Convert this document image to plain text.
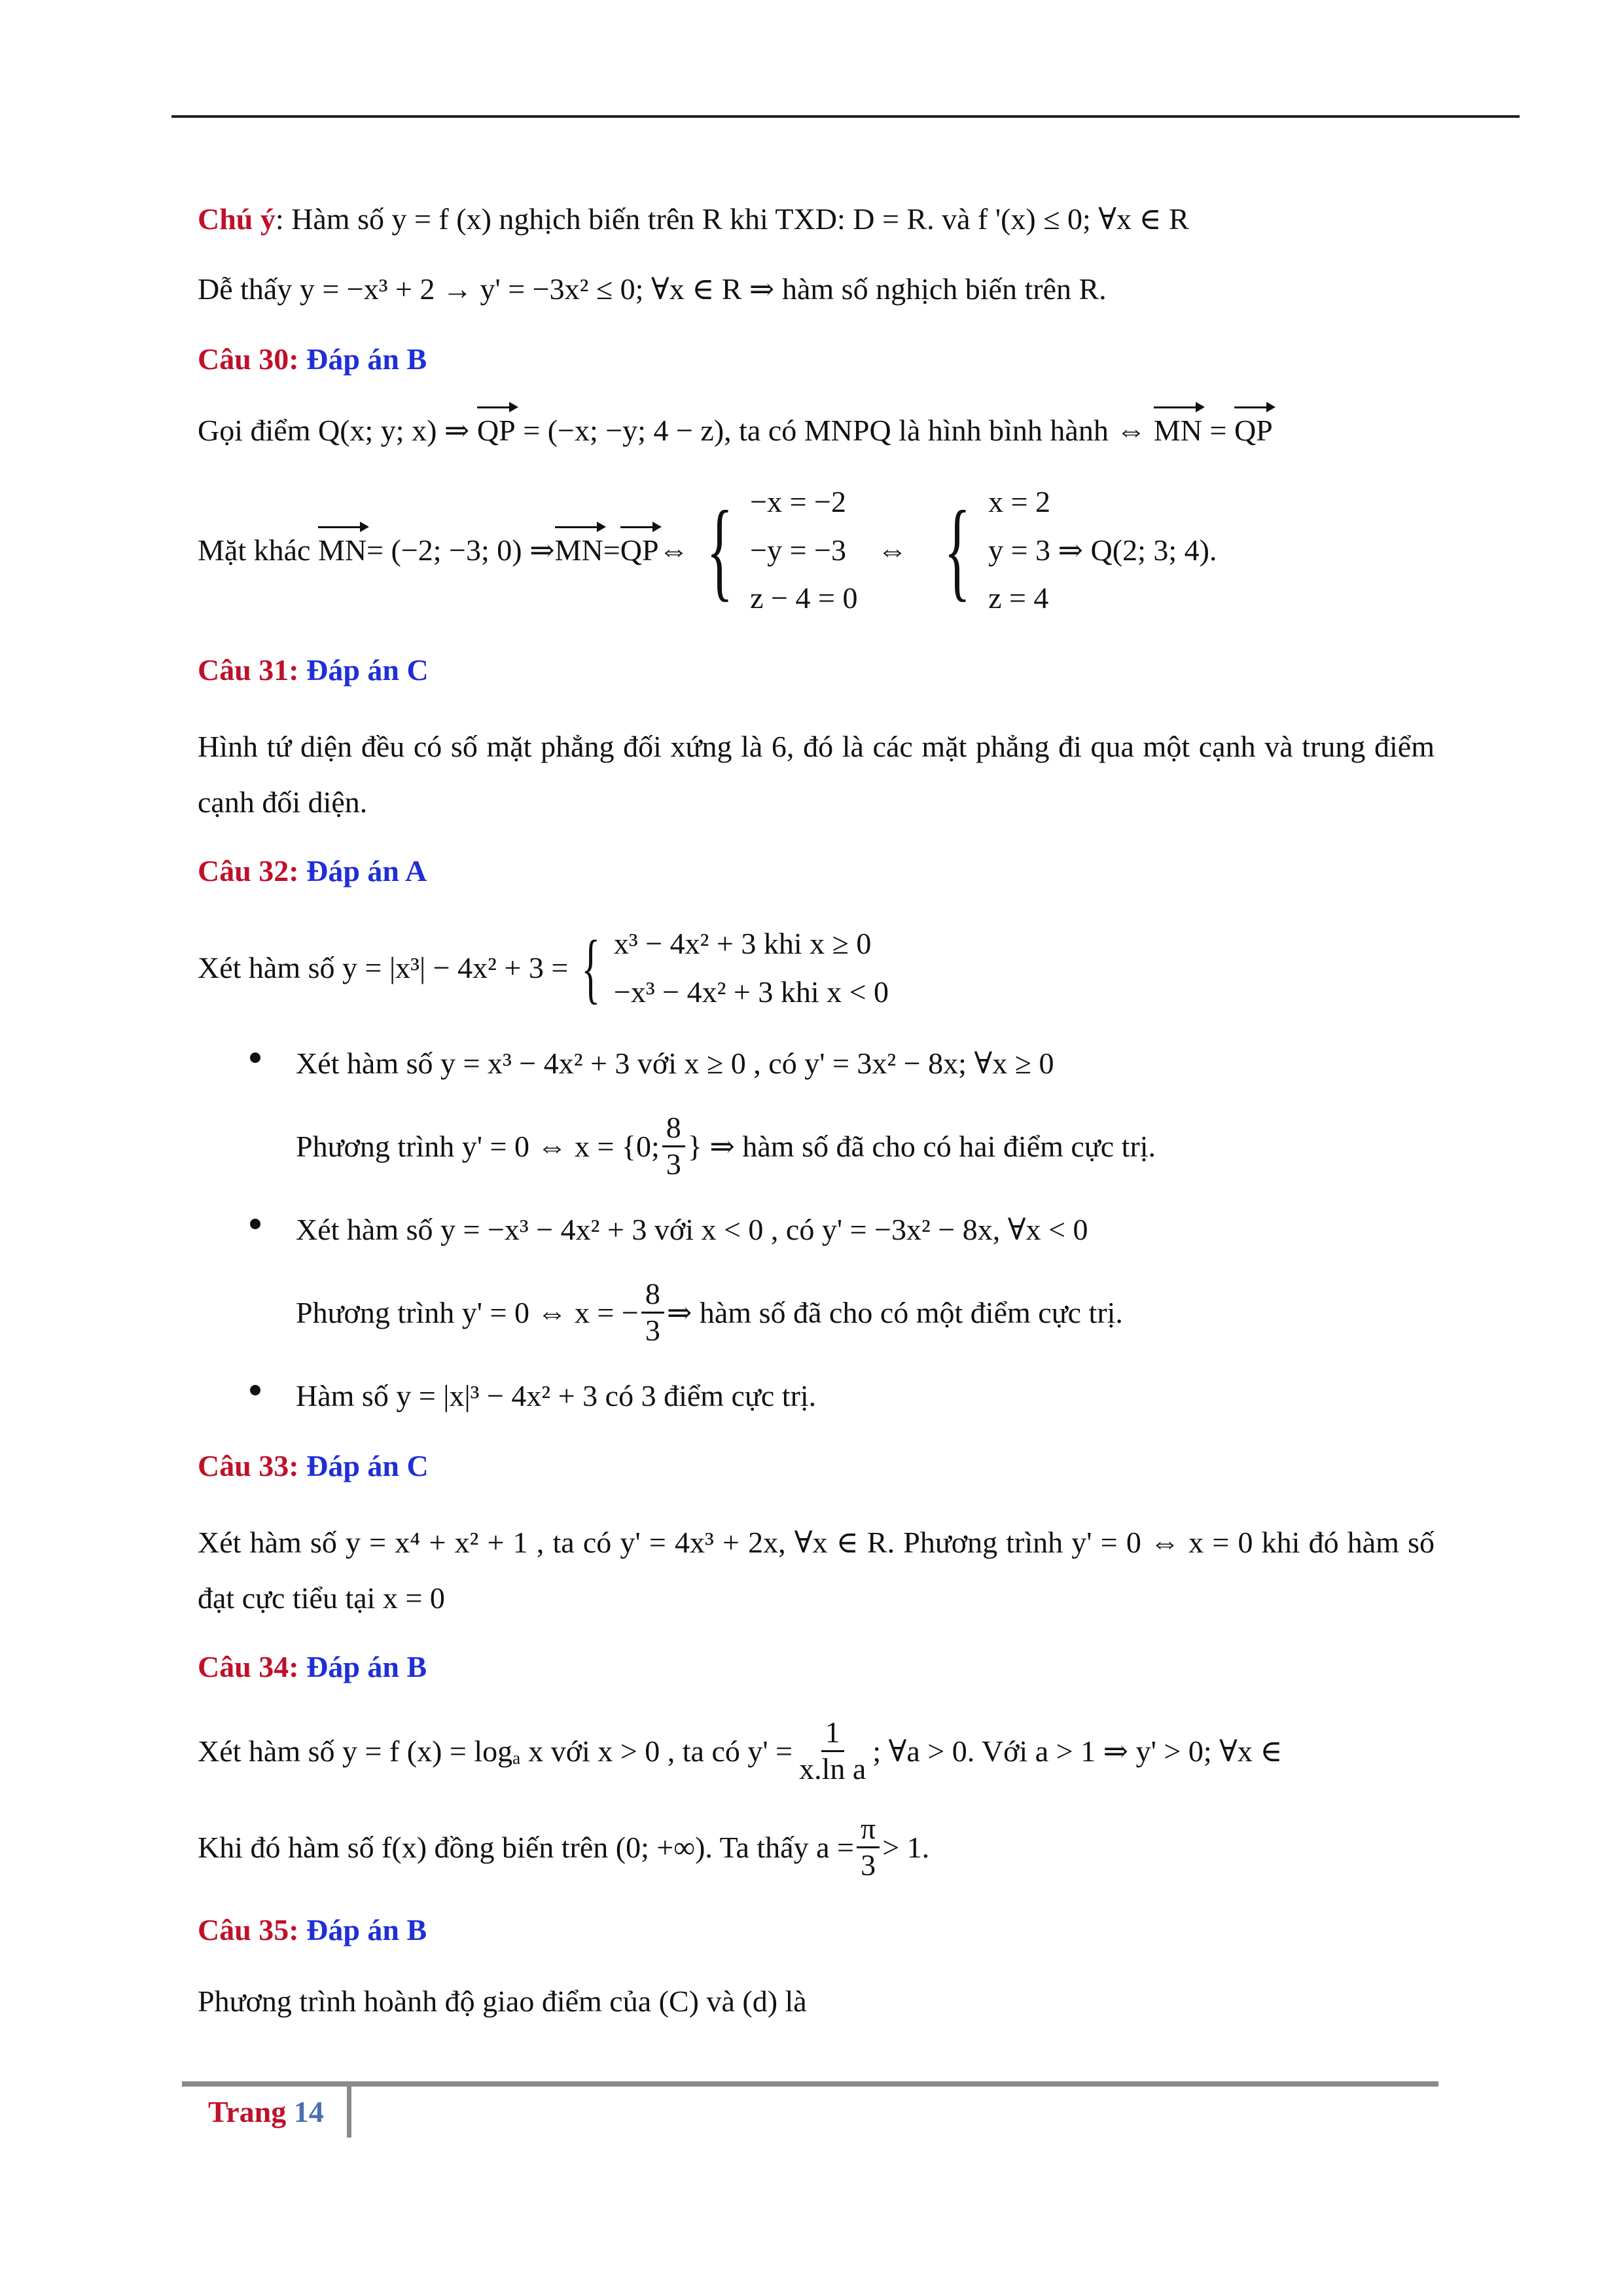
Chú ý: Hàm số y = f (x) nghịch biến trên R khi TXD: D = R. và f '(x) ≤ 0; ∀x ∈ R
Dễ thấy y = −x³ + 2 → y' = −3x² ≤ 0; ∀x ∈ R ⇒ hàm số nghịch biến trên R.
Câu 30: Đáp án B
Gọi điểm Q(x; y; x) ⇒ QP = (−x; −y; 4 − z), ta có MNPQ là hình bình hành ⇔ MN = QP
Mặt khác
MN = (−2; −3; 0) ⇒ MN = QP ⇔ { −x = −2
−y = −3
z − 4 = 0
⇔ { x = 2
y = 3 ⇒ Q(2; 3; 4).
z = 4
Câu 31: Đáp án C
Hình tứ diện đều có số mặt phẳng đối xứng là 6, đó là các mặt phẳng đi qua một cạnh và trung điểm cạnh đối diện.
Câu 32: Đáp án A
Xét hàm số y = |x³| − 4x² + 3 = { x³ − 4x² + 3 khi x ≥ 0
−x³ − 4x² + 3 khi x < 0
Xét hàm số y = x³ − 4x² + 3 với x ≥ 0 , có y' = 3x² − 8x; ∀x ≥ 0
Phương trình y' = 0 ⇔ x = {0; $\frac{8}{3}$ } ⇒ hàm số đã cho có hai điểm cực trị.
Xét hàm số y = −x³ − 4x² + 3 với x < 0 , có y' = −3x² − 8x, ∀x < 0
Phương trình y' = 0 ⇔ x = − $\frac{8}{3}$ ⇒ hàm số đã cho có một điểm cực trị.
Hàm số y = |x|³ − 4x² + 3 có 3 điểm cực trị.
Câu 33: Đáp án C
Xét hàm số y = x⁴ + x² + 1 , ta có y' = 4x³ + 2x, ∀x ∈ R. Phương trình y' = 0 ⇔ x = 0 khi đó hàm số đạt cực tiểu tại x = 0
Câu 34: Đáp án B
Xét hàm số y = f (x) = logₐ x với x > 0 , ta có $y' = \frac{1}{\text{x.ln a}}$ ; ∀a > 0. Với a > 1 ⇒ y' > 0; ∀x ∈
Khi đó hàm số f(x) đồng biến trên (0; +∞). Ta thấy $a = \frac{\pi}{3} > 1$.
Câu 35: Đáp án B
Phương trình hoành độ giao điểm của (C) và (d) là
Trang 14
